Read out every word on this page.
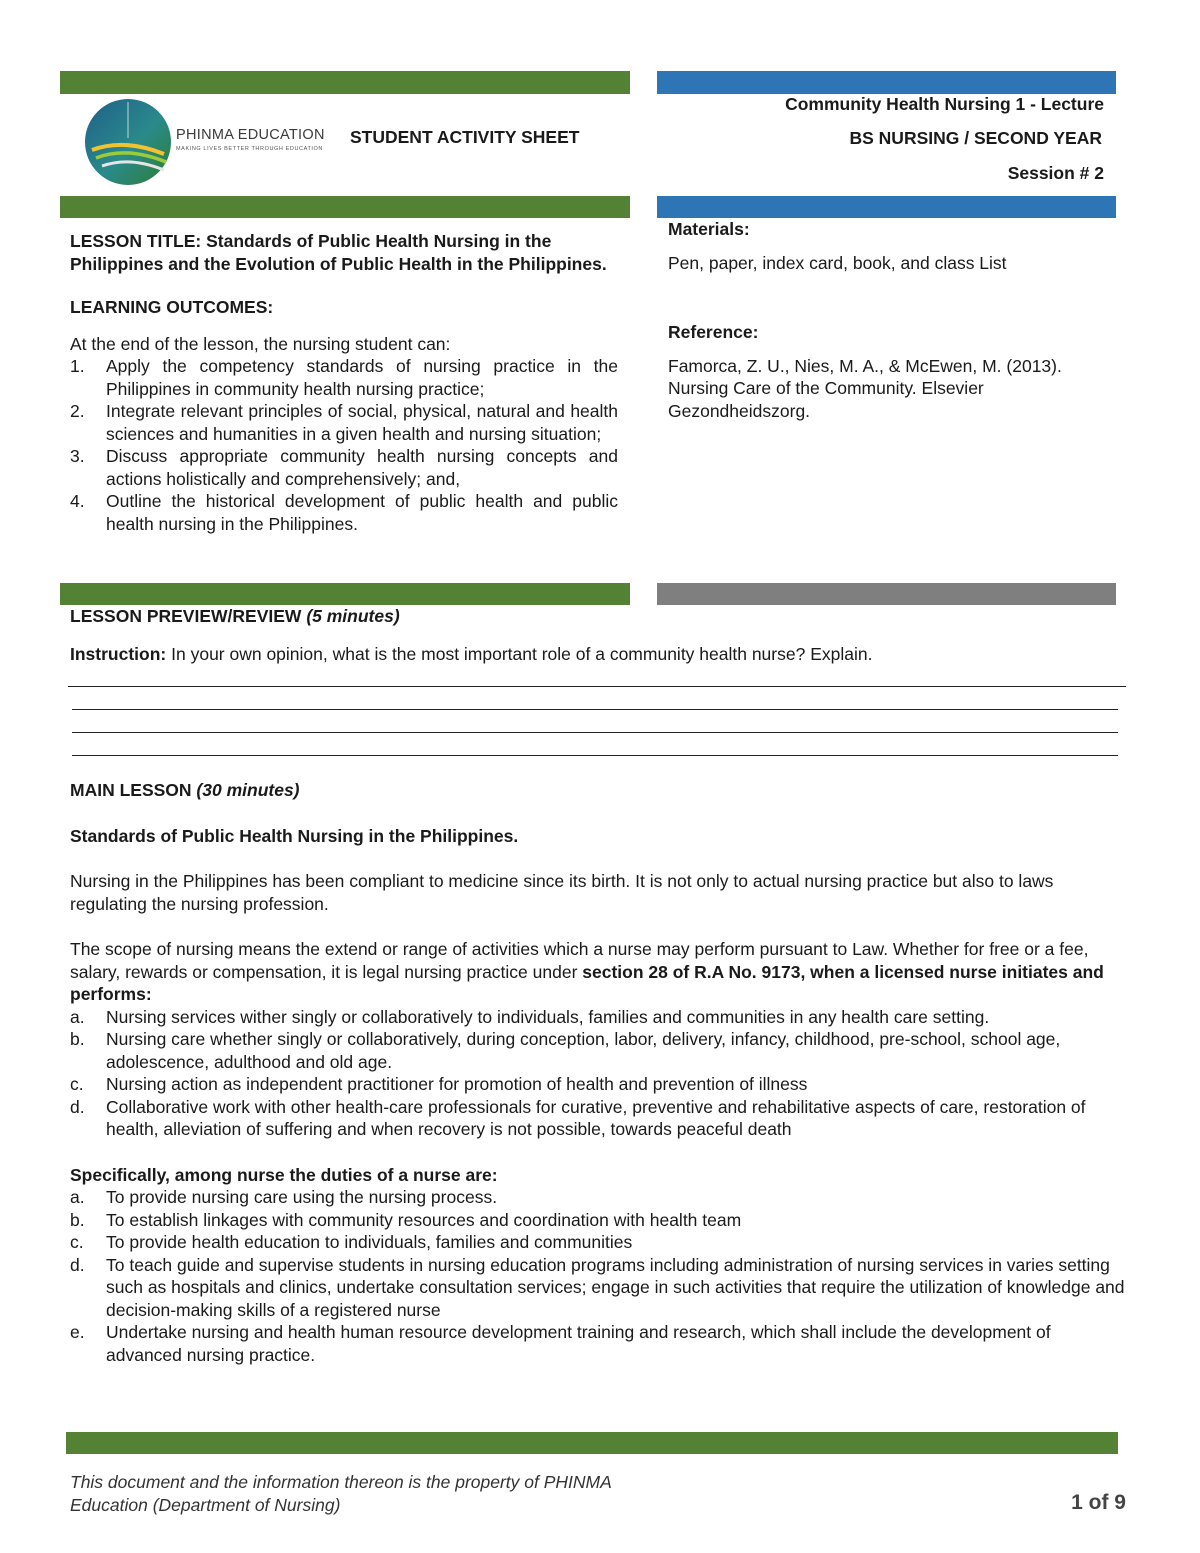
PHINMA EDUCATION
MAKING LIVES BETTER THROUGH EDUCATION
STUDENT ACTIVITY SHEET
Community Health Nursing 1 - Lecture
BS NURSING / SECOND YEAR
Session # 2

LESSON TITLE: Standards of Public Health Nursing in the Philippines and the Evolution of Public Health in the Philippines.

LEARNING OUTCOMES:

At the end of the lesson, the nursing student can:

1. Apply the competency standards of nursing practice in the Philippines in community health nursing practice;
2. Integrate relevant principles of social, physical, natural and health sciences and humanities in a given health and nursing situation;
3. Discuss appropriate community health nursing concepts and actions holistically and comprehensively; and,
4. Outline the historical development of public health and public health nursing in the Philippines.

Materials:

Pen, paper, index card, book, and class List

Reference:

Famorca, Z. U., Nies, M. A., & McEwen, M. (2013). Nursing Care of the Community. Elsevier Gezondheidszorg.

LESSON PREVIEW/REVIEW (5 minutes)
Instruction: In your own opinion, what is the most important role of a community health nurse? Explain.

MAIN LESSON (30 minutes)

Standards of Public Health Nursing in the Philippines.

Nursing in the Philippines has been compliant to medicine since its birth. It is not only to actual nursing practice but also to laws regulating the nursing profession.

The scope of nursing means the extend or range of activities which a nurse may perform pursuant to Law. Whether for free or a fee, salary, rewards or compensation, it is legal nursing practice under section 28 of R.A No. 9173, when a licensed nurse initiates and performs:

a. Nursing services wither singly or collaboratively to individuals, families and communities in any health care setting.
b. Nursing care whether singly or collaboratively, during conception, labor, delivery, infancy, childhood, pre-school, school age, adolescence, adulthood and old age.
c. Nursing action as independent practitioner for promotion of health and prevention of illness
d. Collaborative work with other health-care professionals for curative, preventive and rehabilitative aspects of care, restoration of health, alleviation of suffering and when recovery is not possible, towards peaceful death

Specifically, among nurse the duties of a nurse are:

a. To provide nursing care using the nursing process.
b. To establish linkages with community resources and coordination with health team
c. To provide health education to individuals, families and communities
d. To teach guide and supervise students in nursing education programs including administration of nursing services in varies setting such as hospitals and clinics, undertake consultation services; engage in such activities that require the utilization of knowledge and decision-making skills of a registered nurse
e. Undertake nursing and health human resource development training and research, which shall include the development of advanced nursing practice.
This document and the information thereon is the property of PHINMA
Education (Department of Nursing)	1 of 9
